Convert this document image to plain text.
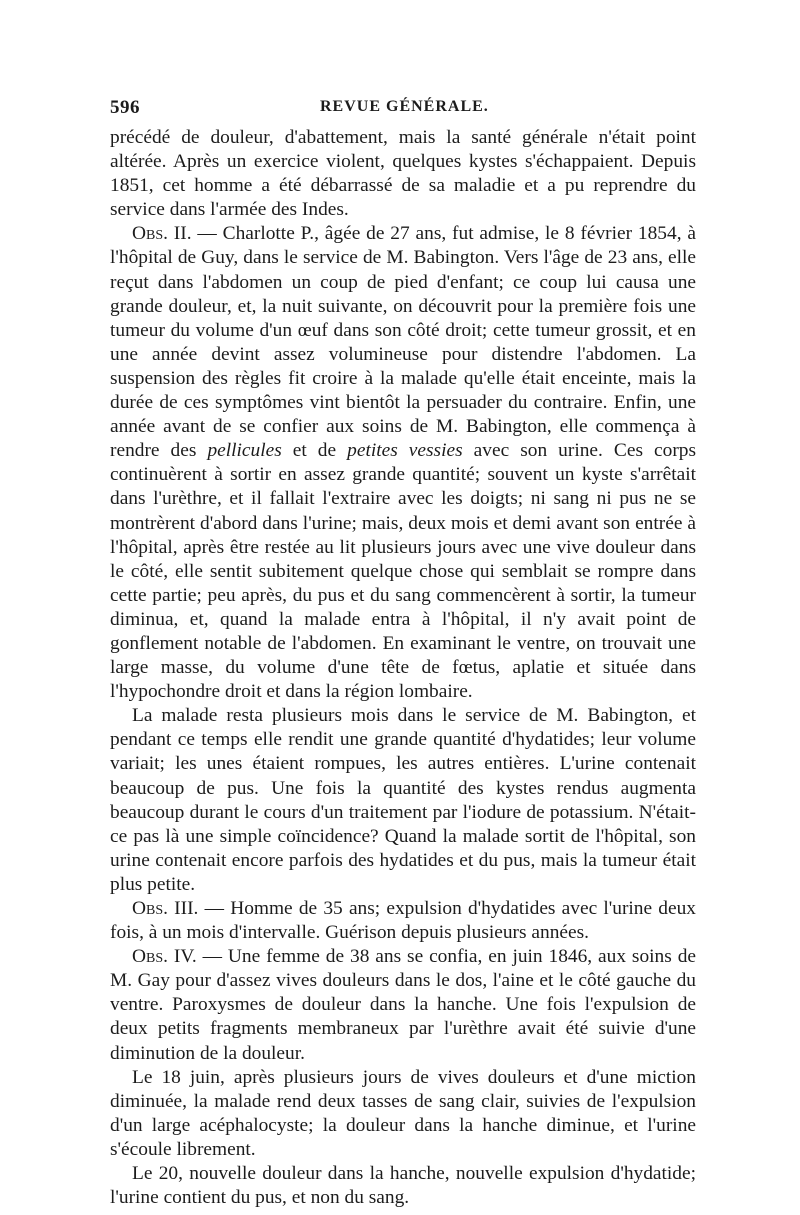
596	REVUE GÉNÉRALE.

précédé de douleur, d'abattement, mais la santé générale n'était point altérée. Après un exercice violent, quelques kystes s'échappaient. Depuis 1851, cet homme a été débarrassé de sa maladie et a pu reprendre du service dans l'armée des Indes.

Obs. II. — Charlotte P., âgée de 27 ans, fut admise, le 8 février 1854, à l'hôpital de Guy, dans le service de M. Babington. Vers l'âge de 23 ans, elle reçut dans l'abdomen un coup de pied d'enfant; ce coup lui causa une grande douleur, et, la nuit suivante, on découvrit pour la première fois une tumeur du volume d'un œuf dans son côté droit; cette tumeur grossit, et en une année devint assez volumineuse pour distendre l'abdomen. La suspension des règles fit croire à la malade qu'elle était enceinte, mais la durée de ces symptômes vint bientôt la persuader du contraire. Enfin, une année avant de se confier aux soins de M. Babington, elle commença à rendre des pellicules et de petites vessies avec son urine. Ces corps continuèrent à sortir en assez grande quantité; souvent un kyste s'arrêtait dans l'urèthre, et il fallait l'extraire avec les doigts; ni sang ni pus ne se montrèrent d'abord dans l'urine; mais, deux mois et demi avant son entrée à l'hôpital, après être restée au lit plusieurs jours avec une vive douleur dans le côté, elle sentit subitement quelque chose qui semblait se rompre dans cette partie; peu après, du pus et du sang commencèrent à sortir, la tumeur diminua, et, quand la malade entra à l'hôpital, il n'y avait point de gonflement notable de l'abdomen. En examinant le ventre, on trouvait une large masse, du volume d'une tête de fœtus, aplatie et située dans l'hypochondre droit et dans la région lombaire.

La malade resta plusieurs mois dans le service de M. Babington, et pendant ce temps elle rendit une grande quantité d'hydatides; leur volume variait; les unes étaient rompues, les autres entières. L'urine contenait beaucoup de pus. Une fois la quantité des kystes rendus augmenta beaucoup durant le cours d'un traitement par l'iodure de potassium. N'était-ce pas là une simple coïncidence? Quand la malade sortit de l'hôpital, son urine contenait encore parfois des hydatides et du pus, mais la tumeur était plus petite.

Obs. III. — Homme de 35 ans; expulsion d'hydatides avec l'urine deux fois, à un mois d'intervalle. Guérison depuis plusieurs années.

Obs. IV. — Une femme de 38 ans se confia, en juin 1846, aux soins de M. Gay pour d'assez vives douleurs dans le dos, l'aine et le côté gauche du ventre. Paroxysmes de douleur dans la hanche. Une fois l'expulsion de deux petits fragments membraneux par l'urèthre avait été suivie d'une diminution de la douleur.

Le 18 juin, après plusieurs jours de vives douleurs et d'une miction diminuée, la malade rend deux tasses de sang clair, suivies de l'expulsion d'un large acéphalocyste; la douleur dans la hanche diminue, et l'urine s'écoule librement.

Le 20, nouvelle douleur dans la hanche, nouvelle expulsion d'hydatide; l'urine contient du pus, et non du sang.
